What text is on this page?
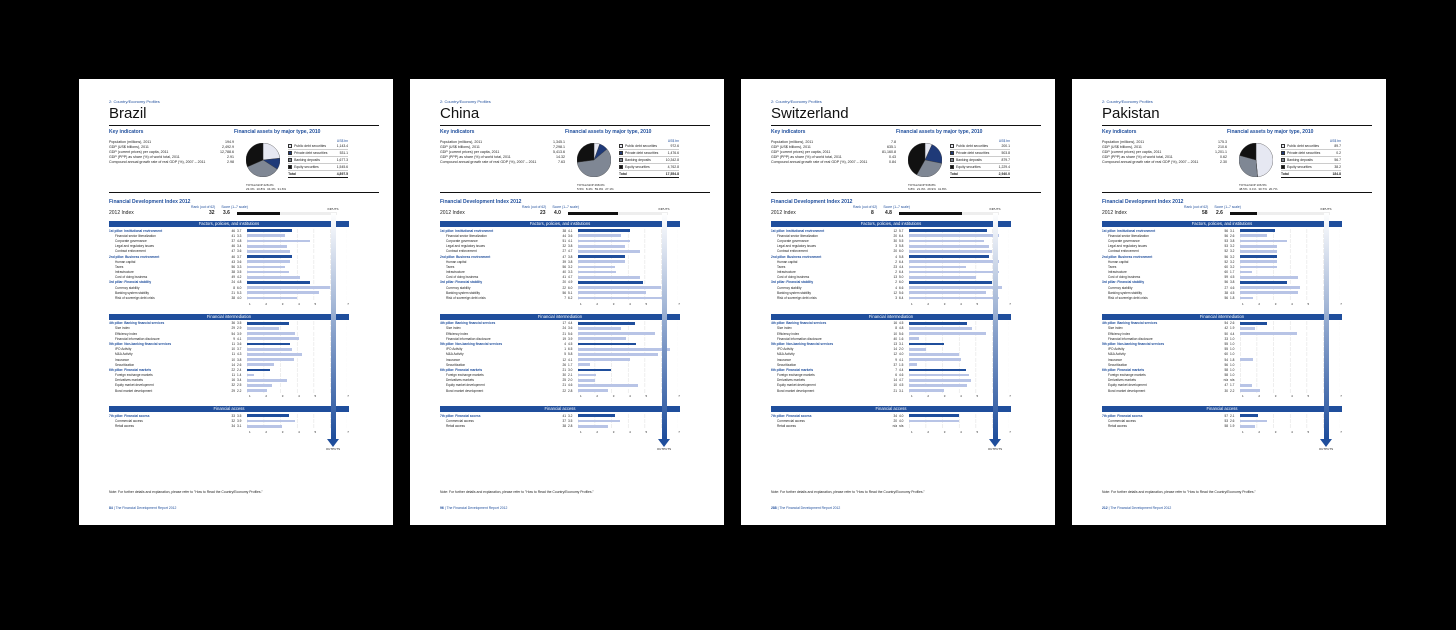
2: Country/Economy Profiles
Brazil
Key indicators
Population (millions), 2011	194.9
GDP (US$ billions), 2011	2,492.9
GDP (current prices) per capita, 2011	12,788.6
GDP (PPP) as share (%) of world total, 2011	2.91
Compound annual growth rate of real GDP (%), 2007 – 2011	2.98
Financial assets by major type, 2010
TOTAL/GDP 228.2%
23.3% 10.8% 34.3% 31.6%
US$ bn
Public debt securities	1,143.4
Private debt securities	531.1
Banking deposits	1,677.3
Equity securities	1,545.6
Total	4,897.5
Financial Development Index 2012
Rank (out of 62) Score (1–7 scale)
2012 Index	32	3.6
Factors, policies, and institutions
1st pillar: Institutional environment	46 3.7
Financial sector liberalization	41 3.3
Corporate governance	37 4.8
Legal and regulatory issues	46 3.4
Contract enforcement	47 3.6
2nd pillar: Business environment	46 3.7
Human capital	43 3.6
Taxes	56 3.3
Infrastructure	38 3.5
Cost of doing business	49 4.2
3rd pillar: Financial stability	24 4.8
Currency stability	8 6.0
Banking system stability	21 5.3
Risk of sovereign debt crisis	38 4.0
1	2	3	4	5	7
Financial intermediation
4th pillar: Banking financial services	36 3.5
Size index	29 2.9
Efficiency index	54 3.9
Financial information disclosure	9 4.1
5th pillar: Non-banking financial services	11 3.6
IPO Activity	10 3.7
M&A Activity	11 4.3
Insurance	10 3.8
Securitization	14 2.6
6th pillar: Financial markets	22 2.4
Foreign exchange markets	11 1.4
Derivatives markets	16 3.4
Equity market development	32 2.5
Bond market development	29 2.2
1	2	3	4	5	7
Financial access
7th pillar: Financial access	33 3.5
Commercial access	32 3.9
Retail access	34 3.1
1	2	3	4	5	7
INPUTS
OUTPUTS
Note: For further details and explanation, please refer to "How to Read the Country/Economy Profiles."
84 | The Financial Development Report 2012
2: Country/Economy Profiles
China
Key indicators
Population (millions), 2011	1,345.1
GDP (US$ billions), 2011	7,298.1
GDP (current prices) per capita, 2011	5,413.6
GDP (PPP) as share (%) of world total, 2011	14.32
Compound annual growth rate of real GDP (%), 2007 – 2011	7.63
Financial assets by major type, 2010
TOTAL/GDP 298.0%
5.5% 8.4% 59.0% 27.1%
US$ bn
Public debt securities	972.6
Private debt securities	1,476.6
Banking deposits	10,342.8
Equity securities	4,762.8
Total	17,554.8
Financial Development Index 2012
Rank (out of 62) Score (1–7 scale)
2012 Index	23	4.0
Factors, policies, and institutions
1st pillar: Institutional environment	38 4.1
Financial sector liberalization	44 3.6
Corporate governance	51 4.1
Legal and regulatory issues	32 3.8
Contract enforcement	27 4.7
2nd pillar: Business environment	47 3.8
Human capital	39 3.8
Taxes	56 3.2
Infrastructure	40 3.3
Cost of doing business	41 4.7
3rd pillar: Financial stability	20 4.9
Currency stability	22 6.0
Banking system stability	56 5.1
Risk of sovereign debt crisis	7 6.2
1	2	3	4	5	7
Financial intermediation
4th pillar: Banking financial services	17 4.4
Size index	24 3.6
Efficiency index	21 5.6
Financial information disclosure	19 3.9
5th pillar: Non-banking financial services	4 4.5
IPO Activity	1 6.5
M&A Activity	5 5.8
Insurance	12 4.1
Securitization	26 1.7
6th pillar: Financial markets	21 3.0
Foreign exchange markets	30 2.1
Derivatives markets	25 2.0
Equity market development	21 4.6
Bond market development	22 2.8
1	2	3	4	5	7
Financial access
7th pillar: Financial access	41 3.2
Commercial access	37 3.5
Retail access	38 2.8
1	2	3	4	5	7
INPUTS
OUTPUTS
Note: For further details and explanation, please refer to "How to Read the Country/Economy Profiles."
96 | The Financial Development Report 2012
2: Country/Economy Profiles
Switzerland
Key indicators
Population (millions), 2011	7.8
GDP (US$ billions), 2011	635.1
GDP (current prices) per capita, 2011	81,160.8
GDP (PPP) as share (%) of world total, 2011	0.43
Compound annual growth rate of real GDP (%), 2007 – 2011	0.84
Financial assets by major type, 2010
TOTAL/GDP 538.8%
6.8% 21.3% 29.9% 41.8%
US$ bn
Public debt securities	200.1
Private debt securities	503.8
Banking deposits	879.7
Equity securities	1,229.4
Total	2,940.0
Financial Development Index 2012
Rank (out of 62) Score (1–7 scale)
2012 Index	8	4.8
Factors, policies, and institutions
1st pillar: Institutional environment	12 5.7
Financial sector liberalization	20 6.4
Corporate governance	30 5.5
Legal and regulatory issues	3 5.8
Contract enforcement	20 6.0
2nd pillar: Business environment	4 5.8
Human capital	2 6.4
Taxes	23 4.4
Infrastructure	2 6.4
Cost of doing business	13 5.0
3rd pillar: Financial stability	2 6.0
Currency stability	4 6.6
Banking system stability	12 5.6
Risk of sovereign debt crisis	3 6.4
1	2	3	4	5	7
Financial intermediation
4th pillar: Banking financial services	16 4.5
Size index	8 4.8
Efficiency index	10 5.6
Financial information disclosure	40 1.6
5th pillar: Non-banking financial services	13 3.1
IPO Activity	14 2.0
M&A Activity	12 4.0
Insurance	9 4.1
Securitization	37 1.5
6th pillar: Financial markets	7 4.4
Foreign exchange markets	6 4.6
Derivatives markets	14 4.7
Equity market development	10 4.5
Bond market development	21 3.1
1	2	3	4	5	7
Financial access
7th pillar: Financial access	34 4.0
Commercial access	20 4.0
Retail access	n/a n/a
1	2	3	4	5	7
INPUTS
OUTPUTS
Note: For further details and explanation, please refer to "How to Read the Country/Economy Profiles."
288 | The Financial Development Report 2012
2: Country/Economy Profiles
Pakistan
Key indicators
Population (millions), 2011	175.3
GDP (US$ billions), 2011	210.6
GDP (current prices) per capita, 2011	1,201.1
GDP (PPP) as share (%) of world total, 2011	0.62
Compound annual growth rate of real GDP (%), 2007 – 2011	2.30
Financial assets by major type, 2010
TOTAL/GDP 106.5%
48.5% 0.1% 30.7% 20.7%
US$ bn
Public debt securities	89.7
Private debt securities	0.2
Banking deposits	56.7
Equity securities	38.2
Total	184.8
Financial Development Index 2012
Rank (out of 62) Score (1–7 scale)
2012 Index	58	2.6
Factors, policies, and institutions
1st pillar: Institutional environment	56 3.1
Financial sector liberalization	56 2.6
Corporate governance	53 3.8
Legal and regulatory issues	53 3.2
Contract enforcement	52 3.2
2nd pillar: Business environment	56 3.2
Human capital	52 3.2
Taxes	60 3.2
Infrastructure	60 1.7
Cost of doing business	59 4.5
3rd pillar: Financial stability	56 3.8
Currency stability	27 4.6
Banking system stability	38 4.5
Risk of sovereign debt crisis	56 1.8
1	2	3	4	5	7
Financial intermediation
4th pillar: Banking financial services	54 2.6
Size index	42 1.9
Efficiency index	50 4.4
Financial information disclosure	33 1.0
5th pillar: Non-banking financial services	55 1.0
IPO Activity	55 1.0
M&A Activity	60 1.0
Insurance	54 1.8
Securitization	56 1.0
6th pillar: Financial markets	58 1.0
Foreign exchange markets	58 1.0
Derivatives markets	n/a n/a
Equity market development	47 1.7
Bond market development	30 2.2
1	2	3	4	5	7
Financial access
7th pillar: Financial access	57 2.1
Commercial access	53 2.6
Retail access	58 1.9
1	2	3	4	5	7
INPUTS
OUTPUTS
Note: For further details and explanation, please refer to "How to Read the Country/Economy Profiles."
212 | The Financial Development Report 2012
